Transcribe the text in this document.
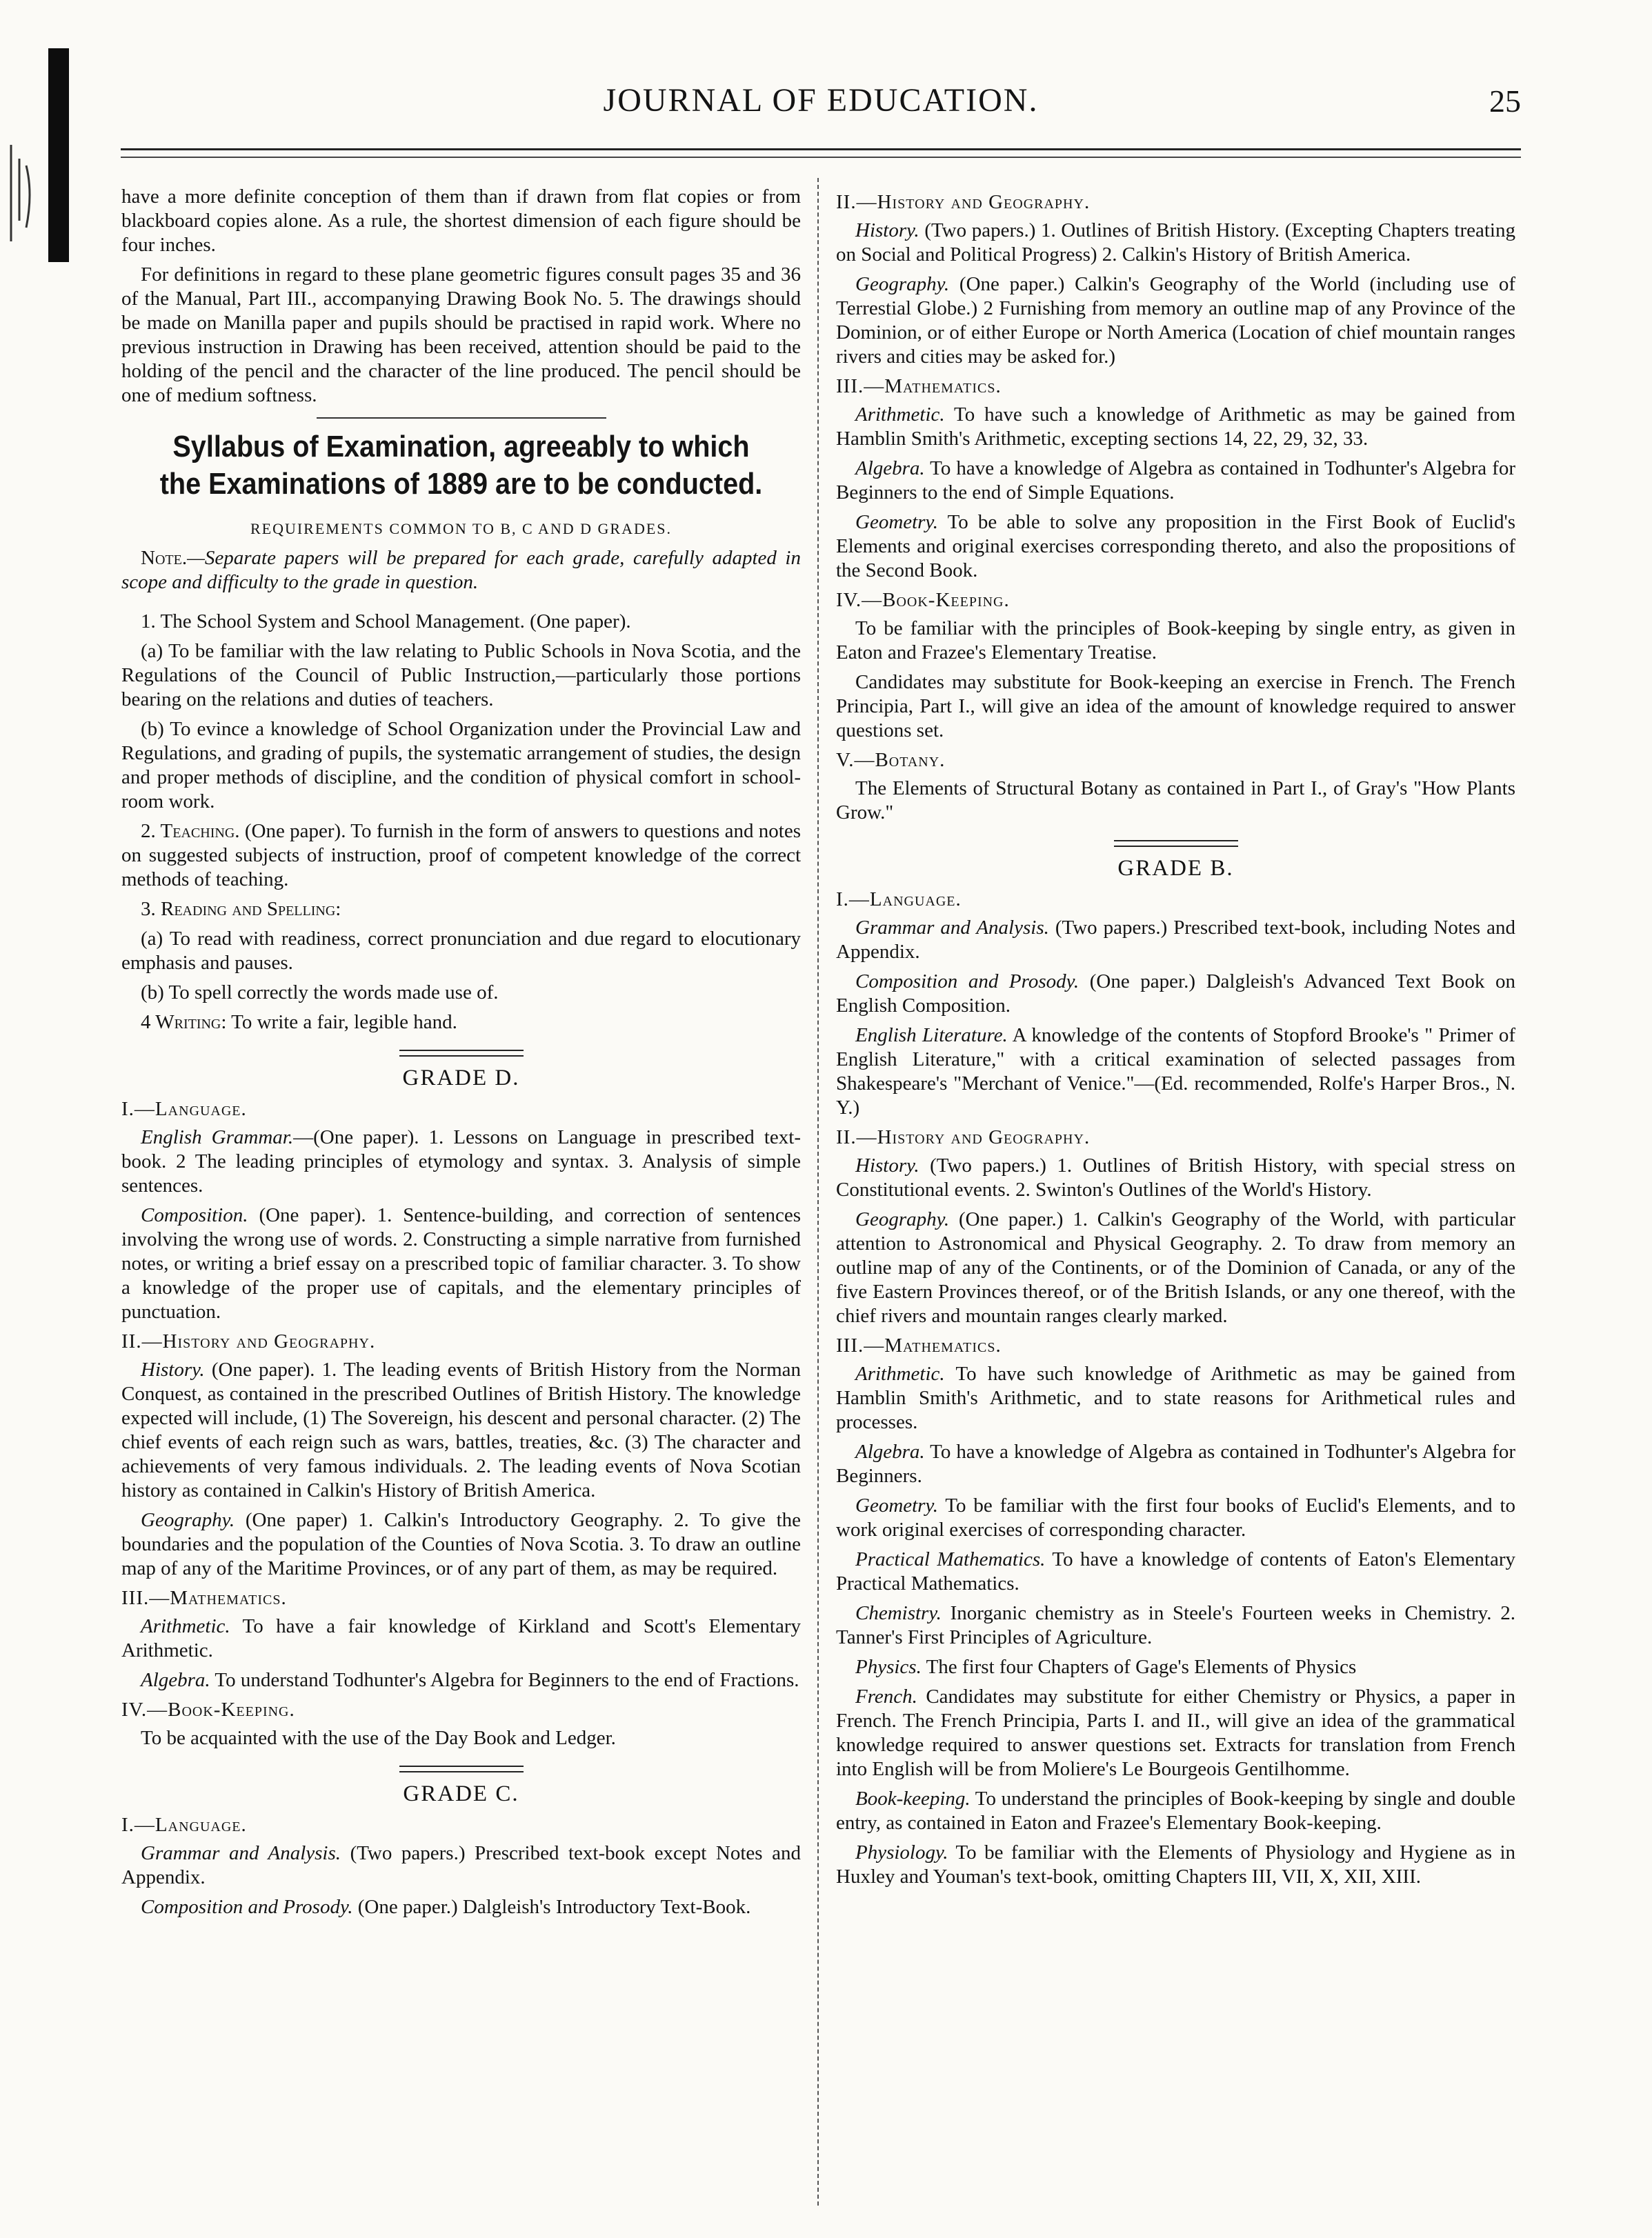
JOURNAL OF EDUCATION.	25

have a more definite conception of them than if drawn from flat copies or from blackboard copies alone. As a rule, the shortest dimension of each figure should be four inches.

For definitions in regard to these plane geometric figures consult pages 35 and 36 of the Manual, Part III., accompanying Drawing Book No. 5. The drawings should be made on Manilla paper and pupils should be practised in rapid work. Where no previous instruction in Drawing has been received, attention should be paid to the holding of the pencil and the character of the line produced. The pencil should be one of medium softness.

Syllabus of Examination, agreeably to which the Examinations of 1889 are to be conducted.
REQUIREMENTS COMMON TO B, C AND D GRADES.

Note.—Separate papers will be prepared for each grade, carefully adapted in scope and difficulty to the grade in question.

1. The School System and School Management. (One paper).

(a) To be familiar with the law relating to Public Schools in Nova Scotia, and the Regulations of the Council of Public Instruction,—particularly those portions bearing on the relations and duties of teachers.

(b) To evince a knowledge of School Organization under the Provincial Law and Regulations, and grading of pupils, the systematic arrangement of studies, the design and proper methods of discipline, and the condition of physical comfort in school-room work.

2. Teaching. (One paper). To furnish in the form of answers to questions and notes on suggested subjects of instruction, proof of competent knowledge of the correct methods of teaching.

3. Reading and Spelling:

(a) To read with readiness, correct pronunciation and due regard to elocutionary emphasis and pauses.

(b) To spell correctly the words made use of.

4 Writing: To write a fair, legible hand.

GRADE D.
I.—Language.

English Grammar.—(One paper). 1. Lessons on Language in prescribed text-book. 2 The leading principles of etymology and syntax. 3. Analysis of simple sentences.

Composition. (One paper). 1. Sentence-building, and correction of sentences involving the wrong use of words. 2. Constructing a simple narrative from furnished notes, or writing a brief essay on a prescribed topic of familiar character. 3. To show a knowledge of the proper use of capitals, and the elementary principles of punctuation.

II.—History and Geography.

History. (One paper). 1. The leading events of British History from the Norman Conquest, as contained in the prescribed Outlines of British History. The knowledge expected will include, (1) The Sovereign, his descent and personal character. (2) The chief events of each reign such as wars, battles, treaties, &c. (3) The character and achievements of very famous individuals. 2. The leading events of Nova Scotian history as contained in Calkin's History of British America.

Geography. (One paper) 1. Calkin's Introductory Geography. 2. To give the boundaries and the population of the Counties of Nova Scotia. 3. To draw an outline map of any of the Maritime Provinces, or of any part of them, as may be required.

III.—Mathematics.

Arithmetic. To have a fair knowledge of Kirkland and Scott's Elementary Arithmetic.

Algebra. To understand Todhunter's Algebra for Beginners to the end of Fractions.

IV.—Book-Keeping.

To be acquainted with the use of the Day Book and Ledger.

GRADE C.
I.—Language.

Grammar and Analysis. (Two papers.) Prescribed text-book except Notes and Appendix.

Composition and Prosody. (One paper.) Dalgleish's Introductory Text-Book.

II.—History and Geography.

History. (Two papers.) 1. Outlines of British History. (Excepting Chapters treating on Social and Political Progress) 2. Calkin's History of British America.

Geography. (One paper.) Calkin's Geography of the World (including use of Terrestial Globe.) 2 Furnishing from memory an outline map of any Province of the Dominion, or of either Europe or North America (Location of chief mountain ranges rivers and cities may be asked for.)

III.—Mathematics.

Arithmetic. To have such a knowledge of Arithmetic as may be gained from Hamblin Smith's Arithmetic, excepting sections 14, 22, 29, 32, 33.

Algebra. To have a knowledge of Algebra as contained in Todhunter's Algebra for Beginners to the end of Simple Equations.

Geometry. To be able to solve any proposition in the First Book of Euclid's Elements and original exercises corresponding thereto, and also the propositions of the Second Book.

IV.—Book-Keeping.

To be familiar with the principles of Book-keeping by single entry, as given in Eaton and Frazee's Elementary Treatise.

Candidates may substitute for Book-keeping an exercise in French. The French Principia, Part I., will give an idea of the amount of knowledge required to answer questions set.

V.—Botany.

The Elements of Structural Botany as contained in Part I., of Gray's "How Plants Grow."

GRADE B.
I.—Language.

Grammar and Analysis. (Two papers.) Prescribed text-book, including Notes and Appendix.

Composition and Prosody. (One paper.) Dalgleish's Advanced Text Book on English Composition.

English Literature. A knowledge of the contents of Stopford Brooke's " Primer of English Literature," with a critical examination of selected passages from Shakespeare's "Merchant of Venice."—(Ed. recommended, Rolfe's Harper Bros., N. Y.)

II.—History and Geography.

History. (Two papers.) 1. Outlines of British History, with special stress on Constitutional events. 2. Swinton's Outlines of the World's History.

Geography. (One paper.) 1. Calkin's Geography of the World, with particular attention to Astronomical and Physical Geography. 2. To draw from memory an outline map of any of the Continents, or of the Dominion of Canada, or any of the five Eastern Provinces thereof, or of the British Islands, or any one thereof, with the chief rivers and mountain ranges clearly marked.

III.—Mathematics.

Arithmetic. To have such knowledge of Arithmetic as may be gained from Hamblin Smith's Arithmetic, and to state reasons for Arithmetical rules and processes.

Algebra. To have a knowledge of Algebra as contained in Todhunter's Algebra for Beginners.

Geometry. To be familiar with the first four books of Euclid's Elements, and to work original exercises of corresponding character.

Practical Mathematics. To have a knowledge of contents of Eaton's Elementary Practical Mathematics.

Chemistry. Inorganic chemistry as in Steele's Fourteen weeks in Chemistry. 2. Tanner's First Principles of Agriculture.

Physics. The first four Chapters of Gage's Elements of Physics

French. Candidates may substitute for either Chemistry or Physics, a paper in French. The French Principia, Parts I. and II., will give an idea of the grammatical knowledge required to answer questions set. Extracts for translation from French into English will be from Moliere's Le Bourgeois Gentilhomme.

Book-keeping. To understand the principles of Book-keeping by single and double entry, as contained in Eaton and Frazee's Elementary Book-keeping.

Physiology. To be familiar with the Elements of Physiology and Hygiene as in Huxley and Youman's text-book, omitting Chapters III, VII, X, XII, XIII.
